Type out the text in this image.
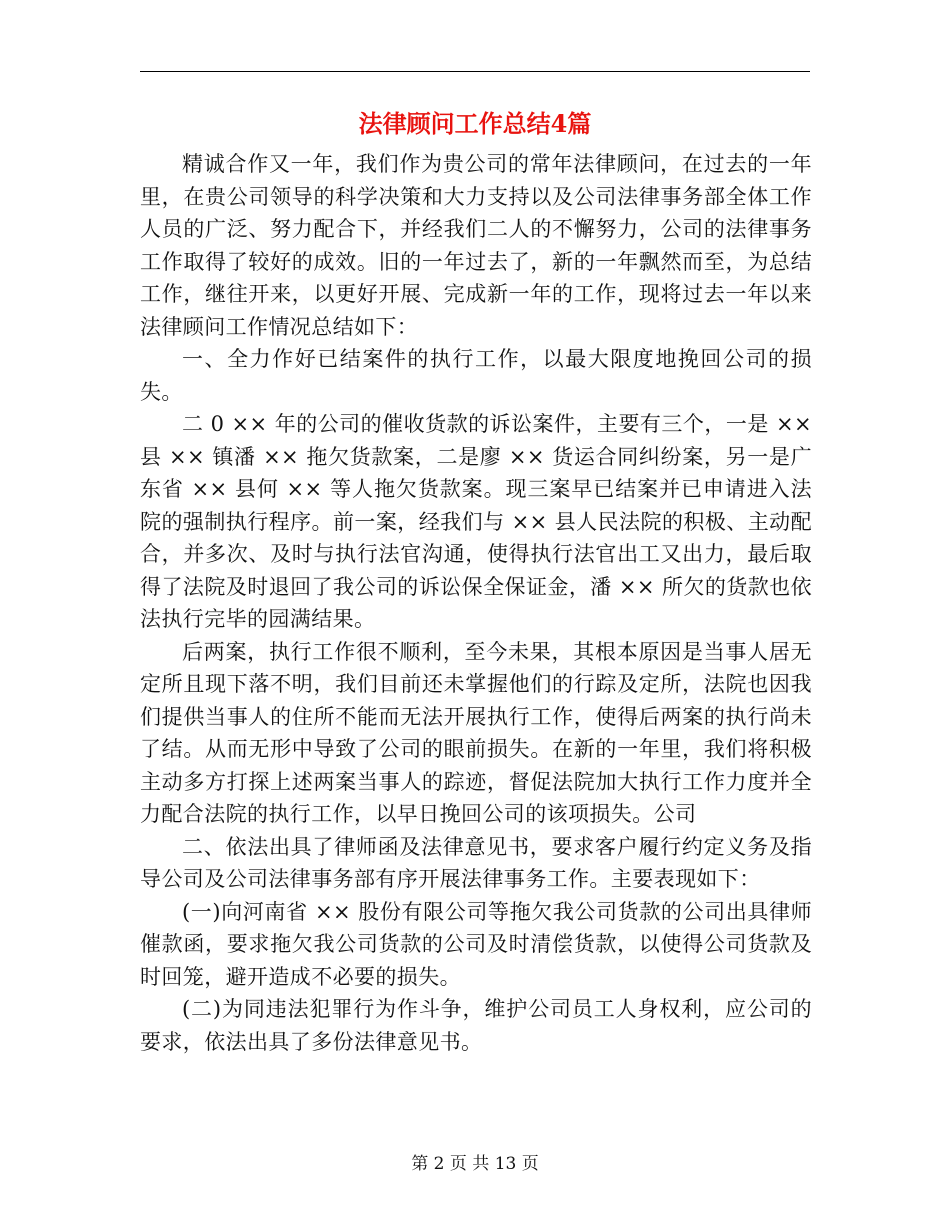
法律顾问工作总结4篇

精诚合作又一年，我们作为贵公司的常年法律顾问，在过去的一年里，在贵公司领导的科学决策和大力支持以及公司法律事务部全体工作人员的广泛、努力配合下，并经我们二人的不懈努力，公司的法律事务工作取得了较好的成效。旧的一年过去了，新的一年飘然而至，为总结工作，继往开来，以更好开展、完成新一年的工作，现将过去一年以来法律顾问工作情况总结如下：

一、全力作好已结案件的执行工作，以最大限度地挽回公司的损失。

二 0 ×× 年的公司的催收货款的诉讼案件，主要有三个，一是 ×× 县 ×× 镇潘 ×× 拖欠货款案，二是廖 ×× 货运合同纠纷案，另一是广东省 ×× 县何 ×× 等人拖欠货款案。现三案早已结案并已申请进入法院的强制执行程序。前一案，经我们与 ×× 县人民法院的积极、主动配合，并多次、及时与执行法官沟通，使得执行法官出工又出力，最后取得了法院及时退回了我公司的诉讼保全保证金，潘 ×× 所欠的货款也依法执行完毕的园满结果。

后两案，执行工作很不顺利，至今未果，其根本原因是当事人居无定所且现下落不明，我们目前还未掌握他们的行踪及定所，法院也因我们提供当事人的住所不能而无法开展执行工作，使得后两案的执行尚未了结。从而无形中导致了公司的眼前损失。在新的一年里，我们将积极主动多方打探上述两案当事人的踪迹，督促法院加大执行工作力度并全力配合法院的执行工作，以早日挽回公司的该项损失。公司

二、依法出具了律师函及法律意见书，要求客户履行约定义务及指导公司及公司法律事务部有序开展法律事务工作。主要表现如下：

(一)向河南省 ×× 股份有限公司等拖欠我公司货款的公司出具律师催款函，要求拖欠我公司货款的公司及时清偿货款，以使得公司货款及时回笼，避开造成不必要的损失。

(二)为同违法犯罪行为作斗争，维护公司员工人身权利，应公司的要求，依法出具了多份法律意见书。

第 2 页 共 13 页
